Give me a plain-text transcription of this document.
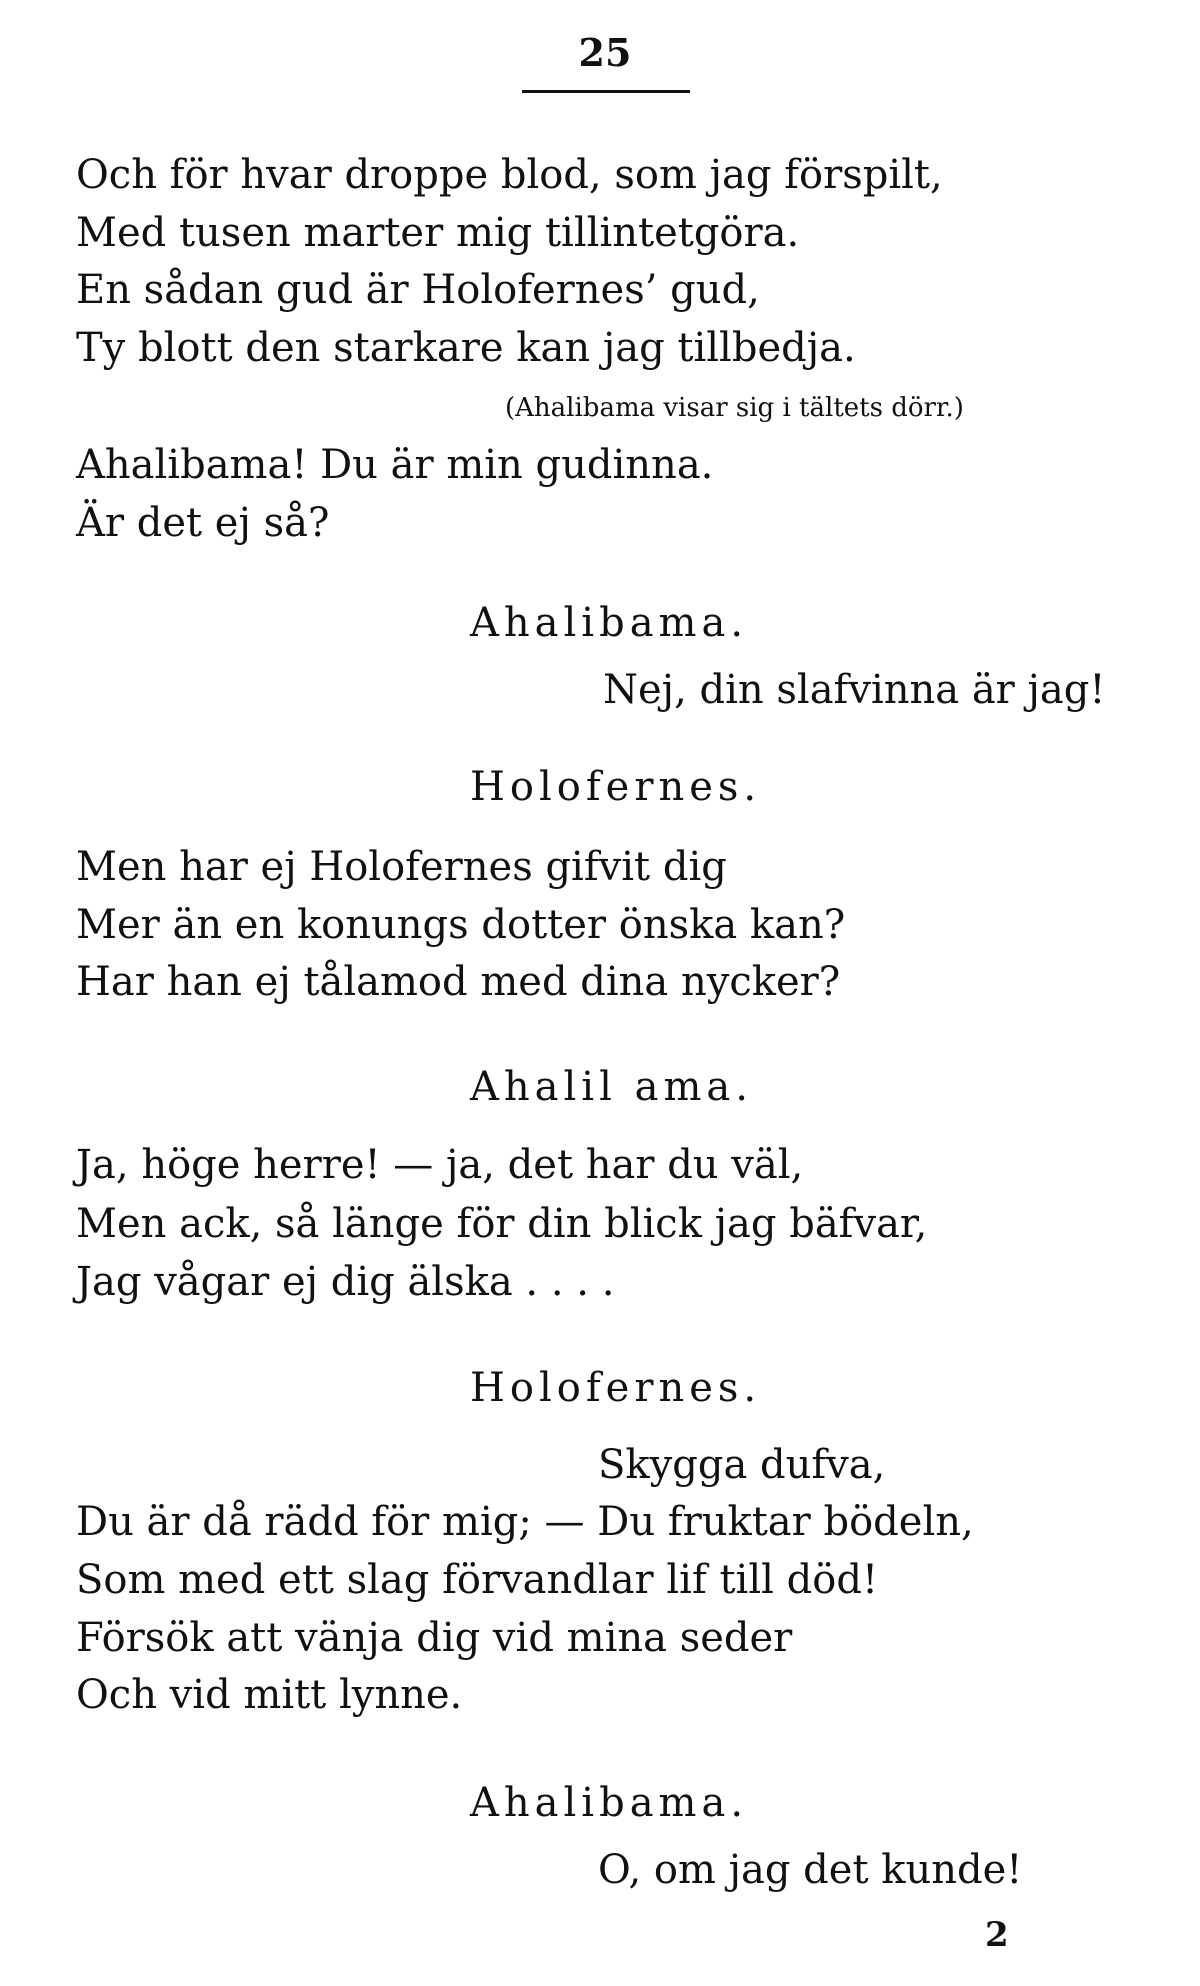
25
Och för hvar droppe blod, som jag förspilt,
Med tusen marter mig tillintetgöra.
En sådan gud är Holofernes’ gud,
Ty blott den starkare kan jag tillbedja.
(Ahalibama visar sig i tältets dörr.)
Ahalibama! Du är min gudinna.
Är det ej så?
Ahalibama.
Nej, din slafvinna är jag!
Holofernes.
Men har ej Holofernes gifvit dig
Mer än en konungs dotter önska kan?
Har han ej tålamod med dina nycker?
Ahalil ama.
Ja, höge herre! — ja, det har du väl,
Men ack, så länge för din blick jag bäfvar,
Jag vågar ej dig älska . . . .
Holofernes.
Skygga dufva,
Du är då rädd för mig; — Du fruktar bödeln,
Som med ett slag förvandlar lif till död!
Försök att vänja dig vid mina seder
Och vid mitt lynne.
Ahalibama.
O, om jag det kunde!
2
